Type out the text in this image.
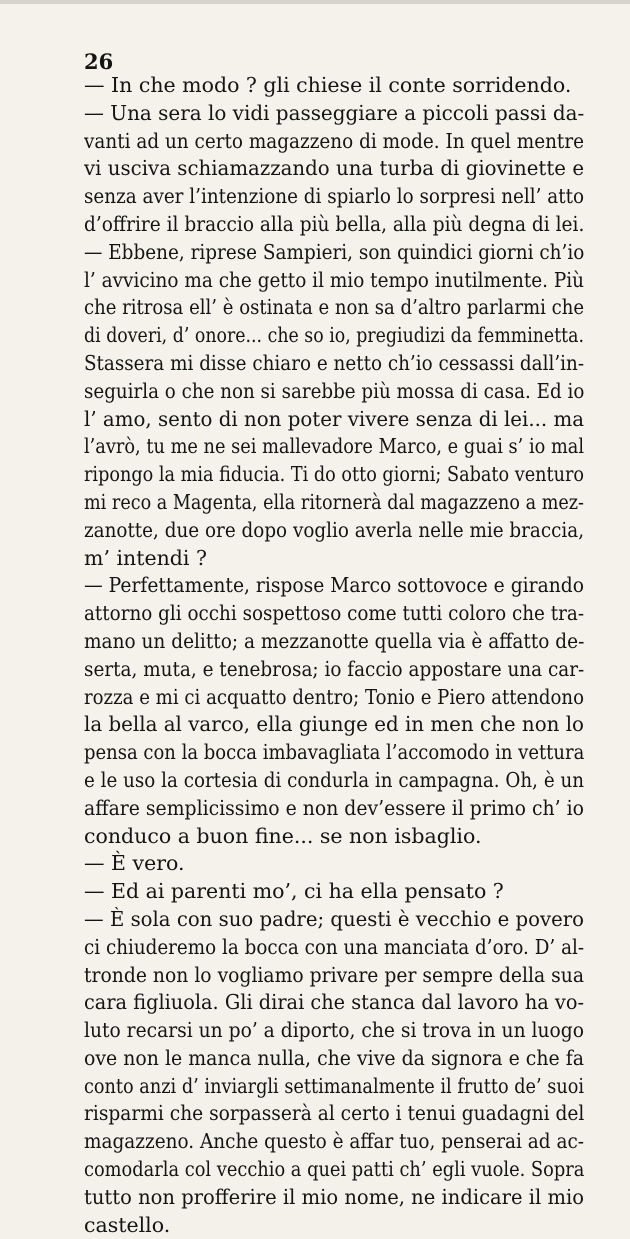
26
— In che modo ? gli chiese il conte sorridendo.
— Una sera lo vidi passeggiare a piccoli passi da-
vanti ad un certo magazzeno di mode. In quel mentre
vi usciva schiamazzando una turba di giovinette e
senza aver l’intenzione di spiarlo lo sorpresi nell’ atto
d’offrire il braccio alla più bella, alla più degna di lei.
— Ebbene, riprese Sampieri, son quindici giorni ch’io
l’ avvicino ma che getto il mio tempo inutilmente. Più
che ritrosa ell’ è ostinata e non sa d’altro parlarmi che
di doveri, d’ onore... che so io, pregiudizi da femminetta.
Stassera mi disse chiaro e netto ch’io cessassi dall’in-
seguirla o che non si sarebbe più mossa di casa. Ed io
l’ amo, sento di non poter vivere senza di lei... ma
l’avrò, tu me ne sei mallevadore Marco, e guai s’ io mal
ripongo la mia fiducia. Ti do otto giorni; Sabato venturo
mi reco a Magenta, ella ritornerà dal magazzeno a mez-
zanotte, due ore dopo voglio averla nelle mie braccia,
m’ intendi ?
— Perfettamente, rispose Marco sottovoce e girando
attorno gli occhi sospettoso come tutti coloro che tra-
mano un delitto; a mezzanotte quella via è affatto de-
serta, muta, e tenebrosa; io faccio appostare una car-
rozza e mi ci acquatto dentro; Tonio e Piero attendono
la bella al varco, ella giunge ed in men che non lo
pensa con la bocca imbavagliata l’accomodo in vettura
e le uso la cortesia di condurla in campagna. Oh, è un
affare semplicissimo e non dev’essere il primo ch’ io
conduco a buon fine... se non isbaglio.
— È vero.
— Ed ai parenti mo’, ci ha ella pensato ?
— È sola con suo padre; questi è vecchio e povero
ci chiuderemo la bocca con una manciata d’oro. D’ al-
tronde non lo vogliamo privare per sempre della sua
cara figliuola. Gli dirai che stanca dal lavoro ha vo-
luto recarsi un po’ a diporto, che si trova in un luogo
ove non le manca nulla, che vive da signora e che fa
conto anzi d’ inviargli settimanalmente il frutto de’ suoi
risparmi che sorpasserà al certo i tenui guadagni del
magazzeno. Anche questo è affar tuo, penserai ad ac-
comodarla col vecchio a quei patti ch’ egli vuole. Sopra
tutto non profferire il mio nome, ne indicare il mio
castello.
